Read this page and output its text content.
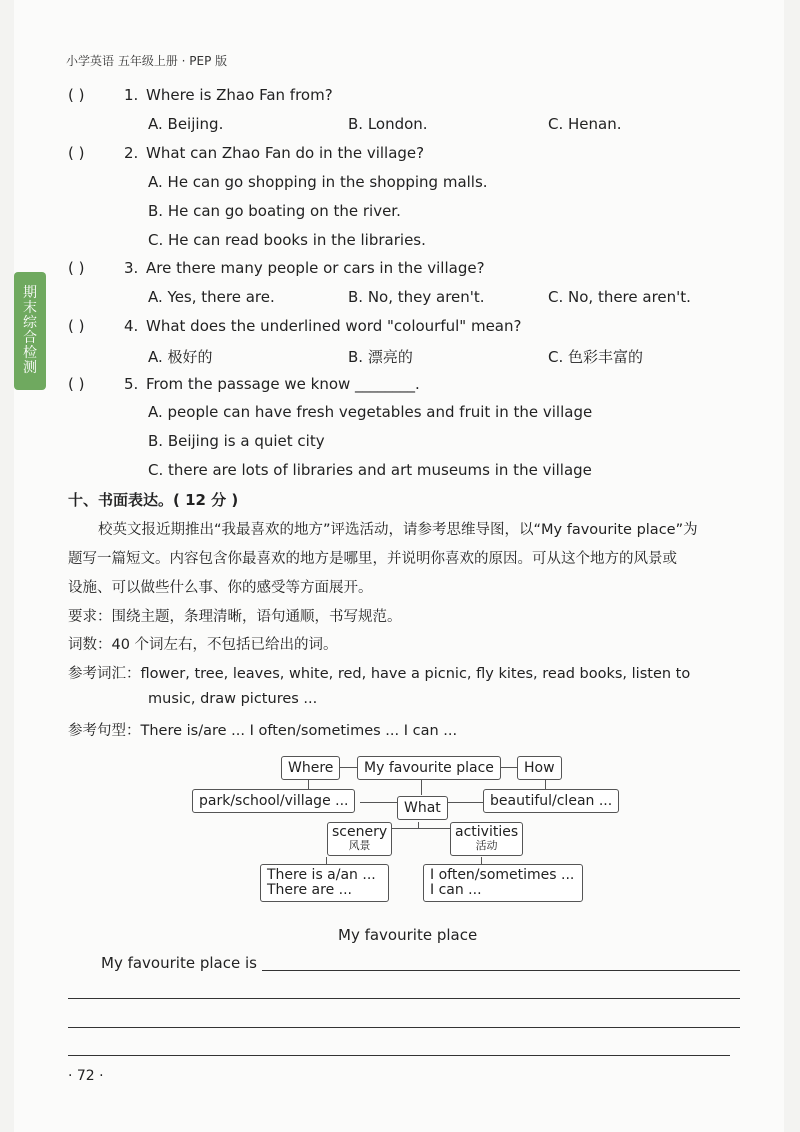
小学英语 五年级上册 · PEP 版
期
末
综
合
检
测
( )	1. Where is Zhao Fan from?
A. Beijing.	B. London.	C. Henan.
( )	2. What can Zhao Fan do in the village?
A. He can go shopping in the shopping malls.
B. He can go boating on the river.
C. He can read books in the libraries.
( )	3. Are there many people or cars in the village?
A. Yes, there are.	B. No, they aren't.	C. No, there aren't.
( )	4. What does the underlined word "colourful" mean?
A. 极好的	B. 漂亮的	C. 色彩丰富的
( )	5. From the passage we know ________.
A. people can have fresh vegetables and fruit in the village
B. Beijing is a quiet city
C. there are lots of libraries and art museums in the village
十、书面表达。( 12 分 )
校英文报近期推出“我最喜欢的地方”评选活动，请参考思维导图，以“My favourite place”为
题写一篇短文。内容包含你最喜欢的地方是哪里，并说明你喜欢的原因。可从这个地方的风景或
设施、可以做些什么事、你的感受等方面展开。
要求：围绕主题，条理清晰，语句通顺，书写规范。
词数：40 个词左右，不包括已给出的词。
参考词汇：flower, tree, leaves, white, red, have a picnic, fly kites, read books, listen to
music, draw pictures ...
参考句型：There is/are ... I often/sometimes ... I can ...
Where	My favourite place	How
park/school/village ...	What	beautiful/clean ...
scenery
风景
activities
活动
There is a/an ...
There are ...
I often/sometimes ...
I can ...
My favourite place
My favourite place is
· 72 ·
